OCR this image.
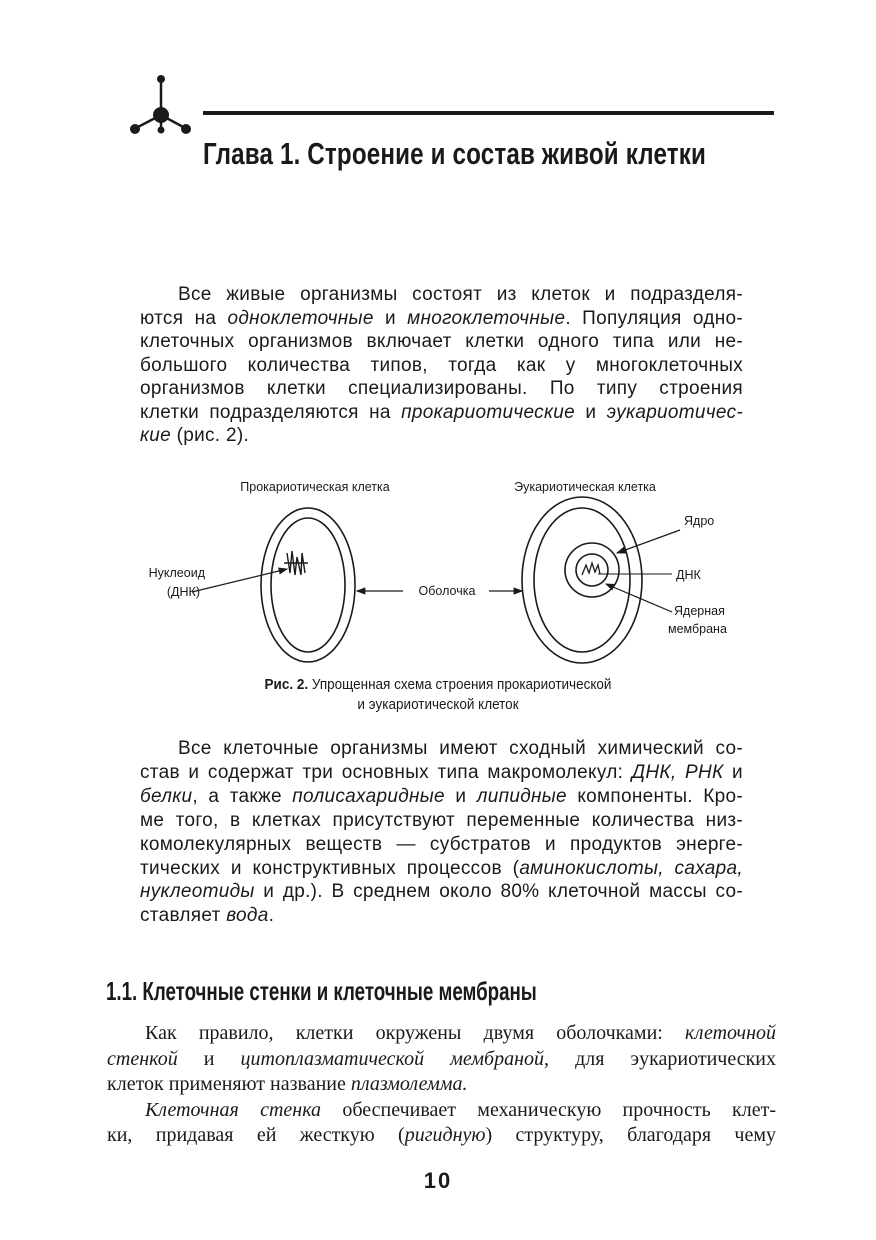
Глава 1. Строение и состав живой клетки
Все живые организмы состоят из клеток и подразделя-
ются на одноклеточные и многоклеточные. Популяция одно-
клеточных организмов включает клетки одного типа или не-
большого количества типов, тогда как у многоклеточных
организмов клетки специализированы. По типу строения
клетки подразделяются на прокариотические и эукариотичес-
кие (рис. 2).
Прокариотическая клетка	Эукариотическая клетка
Нуклеоид
(ДНК)	Оболочка
Ядро
ДНК
Ядерная
мембрана
Рис. 2. Упрощенная схема строения прокариотической
и эукариотической клеток
Все клеточные организмы имеют сходный химический со-
став и содержат три основных типа макромолекул: ДНК, РНК и
белки, а также полисахаридные и липидные компоненты. Кро-
ме того, в клетках присутствуют переменные количества низ-
комолекулярных веществ — субстратов и продуктов энерге-
тических и конструктивных процессов (аминокислоты, сахара,
нуклеотиды и др.). В среднем около 80% клеточной массы со-
ставляет вода.
1.1. Клеточные стенки и клеточные мембраны
Как правило, клетки окружены двумя оболочками: клеточной
стенкой и цитоплазматической мембраной, для эукариотических
клеток применяют название плазмолемма.
Клеточная стенка обеспечивает механическую прочность клет-
ки, придавая ей жесткую (ригидную) структуру, благодаря чему
10
